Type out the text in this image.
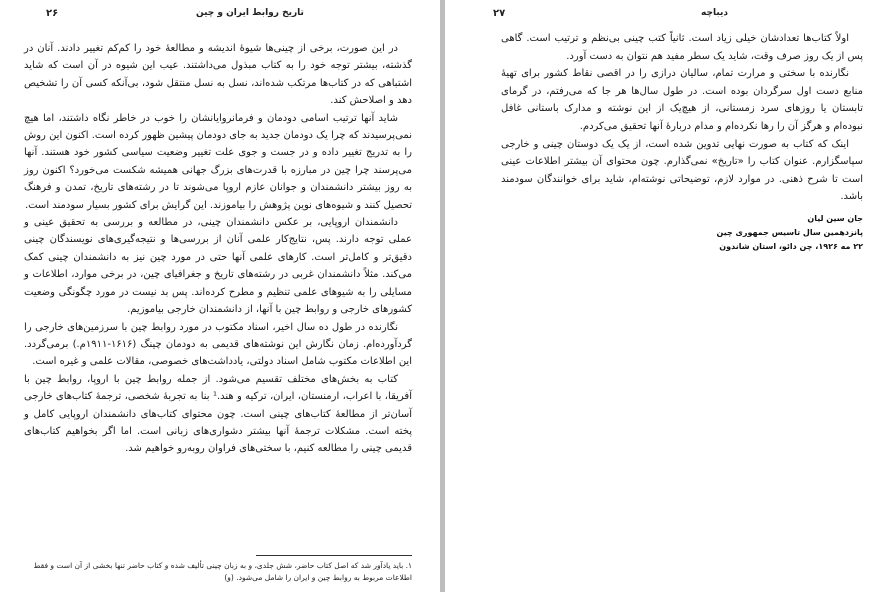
تاریخ روابط ایران و چین
۲۶

در این صورت، برخی از چینی‌ها شیوهٔ اندیشه و مطالعهٔ خود را کم‌کم تغییر دادند. آنان در گذشته، بیشتر توجه خود را به کتاب مبذول می‌داشتند. عیب این شیوه در آن است که شاید اشتباهی که در کتاب‌ها مرتکب شده‌اند، نسل به نسل منتقل شود، بی‌آنکه کسی آن را تشخیص دهد و اصلاحش کند.

شاید آنها ترتیب اسامی دودمان و فرمانروایانشان را خوب در خاطر نگاه داشتند، اما هیچ نمی‌پرسیدند که چرا یک دودمان جدید به جای دودمان پیشین ظهور کرده است. اکنون این روش را به تدریج تغییر داده و در جست و جوی علت تغییر وضعیت سیاسی کشور خود هستند. آنها می‌پرسند چرا چین در مبارزه با قدرت‌های بزرگ جهانی همیشه شکست می‌خورد؟ اکنون روز به روز بیشتر دانشمندان و جوانان عازم اروپا می‌شوند تا در رشته‌های تاریخ، تمدن و فرهنگ تحصیل کنند و شیوه‌های نوین پژوهش را بیاموزند. این گرایش برای کشور بسیار سودمند است.

دانشمندان اروپایی، بر عکس دانشمندان چینی، در مطالعه و بررسی به تحقیق عینی و عملی توجه دارند. پس، نتایج‌کار علمی آنان از بررسی‌ها و نتیجه‌گیری‌های نویسندگان چینی دقیق‌تر و کامل‌تر است. کارهای علمی آنها حتی در مورد چین نیز به دانشمندان چینی کمک می‌کند. مثلاً دانشمندان غربی در رشته‌های تاریخ و جغرافیای چین، در برخی موارد، اطلاعات و مسایلی را به شیوهای علمی تنظیم و مطرح کرده‌اند. پس بد نیست در مورد چگونگی وضعیت کشورهای خارجی و روابط چین با آنها، از دانشمندان خارجی بیاموزیم.

نگارنده در طول ده سال اخیر، اسناد مکتوب در مورد روابط چین با سرزمین‌های خارجی را گردآورده‌ام. زمان نگارش این نوشته‌های قدیمی به دودمان چینگ (۱۶۱۶-۱۹۱۱م.) برمی‌گردد. این اطلاعات مکتوب شامل اسناد دولتی، یادداشت‌های خصوصی، مقالات علمی و غیره است.

کتاب به بخش‌های مختلف تقسیم می‌شود. از جمله روابط چین با اروپا، روابط چین با آفریقا، با اعراب، ارمنستان، ایران، ترکیه و هند.¹ بنا به تجربهٔ شخصی، ترجمهٔ کتاب‌های خارجی آسان‌تر از مطالعهٔ کتاب‌های چینی است. چون محتوای کتاب‌های دانشمندان اروپایی کامل و پخته است. مشکلات ترجمهٔ آنها بیشتر دشواری‌های زبانی است. اما اگر بخواهیم کتاب‌های قدیمی چینی را مطالعه کنیم، با سختی‌های فراوان روبه‌رو خواهیم شد.

۱. باید یادآور شد که اصل کتاب حاضر، شش جلدی، و به زبان چینی تألیف شده و کتاب حاضر تنها بخشی از آن است و فقط اطلاعات مربوط به روابط چین و ایران را شامل می‌شود. (و)
دیباچه
۲۷

اولاً کتاب‌ها تعدادشان خیلی زیاد است. ثانیاً کتب چینی بی‌نظم و ترتیب است. گاهی پس از یک روز صرف وقت، شاید یک سطر مفید هم نتوان به دست آورد.

نگارنده با سختی و مرارت تمام، سالیان درازی را در اقصی نقاط کشور برای تهیهٔ منابع دست اول سرگردان بوده است. در طول سال‌ها هر جا که می‌رفتم، در گرمای تابستان یا روزهای سرد زمستانی، از هیچ‌یک از این نوشته و مدارک باستانی غافل نبوده‌ام و هرگز آن را رها نکرده‌ام و مدام دربارهٔ آنها تحقیق می‌کردم.

اینک که کتاب به صورت نهایی تدوین شده است، از یک یک دوستان چینی و خارجی سپاسگزارم. عنوان کتاب را «تاریخ» نمی‌گذارم. چون محتوای آن بیشتر اطلاعات عینی است تا شرح ذهنی. در موارد لازم، توضیحاتی نوشته‌ام، شاید برای خوانندگان سودمند باشد.

جان سین لیان
پانزدهمین سال تاسیس جمهوری چین
۲۲ مه ۱۹۲۶، چن دائو، استان شاندون
